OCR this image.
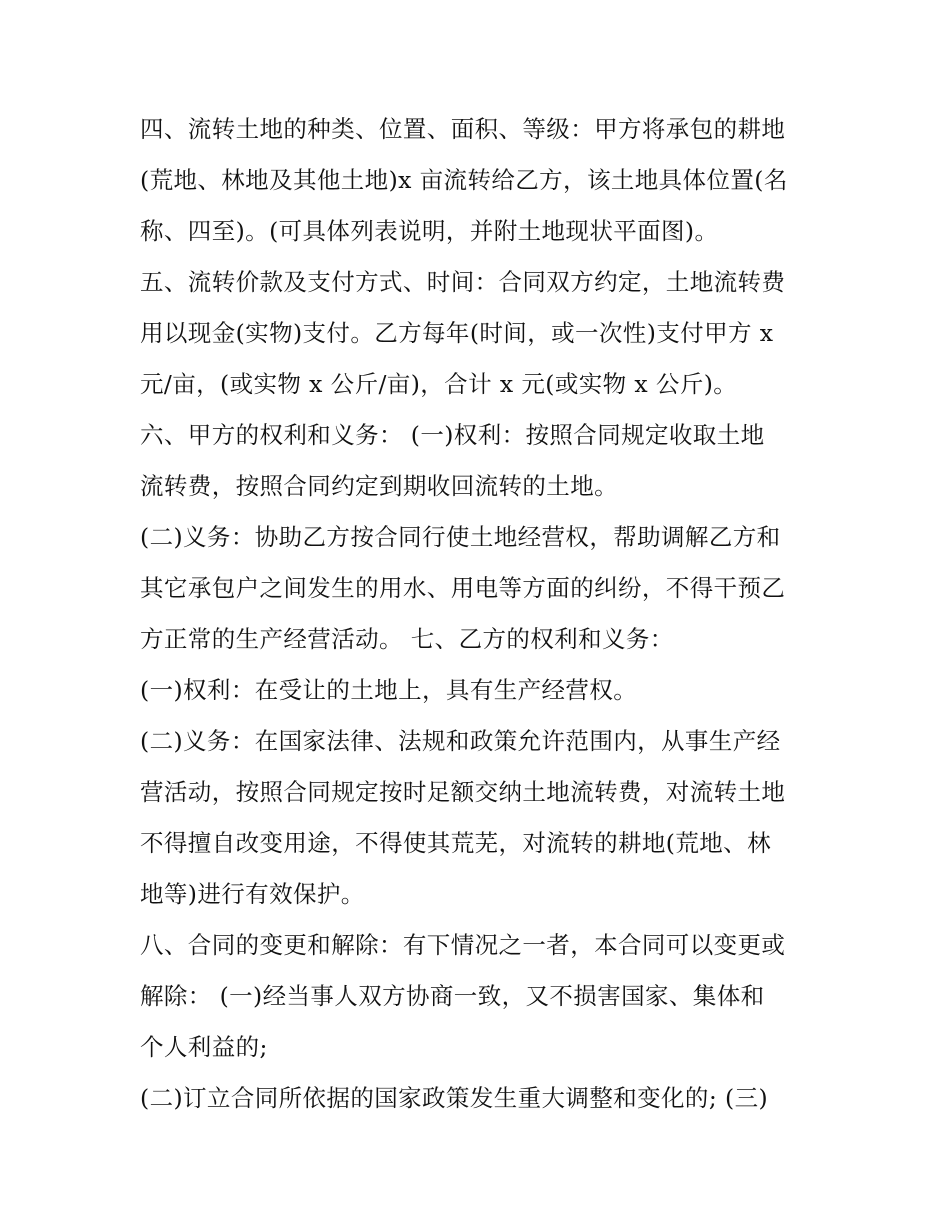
四、流转土地的种类、位置、面积、等级：甲方将承包的耕地
(荒地、林地及其他土地)x 亩流转给乙方，该土地具体位置(名
称、四至)。(可具体列表说明，并附土地现状平面图)。
五、流转价款及支付方式、时间：合同双方约定，土地流转费
用以现金(实物)支付。乙方每年(时间，或一次性)支付甲方 x
元/亩，(或实物 x 公斤/亩)，合计 x 元(或实物 x 公斤)。
六、甲方的权利和义务： (一)权利：按照合同规定收取土地
流转费，按照合同约定到期收回流转的土地。
(二)义务：协助乙方按合同行使土地经营权，帮助调解乙方和
其它承包户之间发生的用水、用电等方面的纠纷，不得干预乙
方正常的生产经营活动。 七、乙方的权利和义务：
(一)权利：在受让的土地上，具有生产经营权。
(二)义务：在国家法律、法规和政策允许范围内，从事生产经
营活动，按照合同规定按时足额交纳土地流转费，对流转土地
不得擅自改变用途，不得使其荒芜，对流转的耕地(荒地、林
地等)进行有效保护。
八、合同的变更和解除：有下情况之一者，本合同可以变更或
解除： (一)经当事人双方协商一致，又不损害国家、集体和
个人利益的;
(二)订立合同所依据的国家政策发生重大调整和变化的; (三)
